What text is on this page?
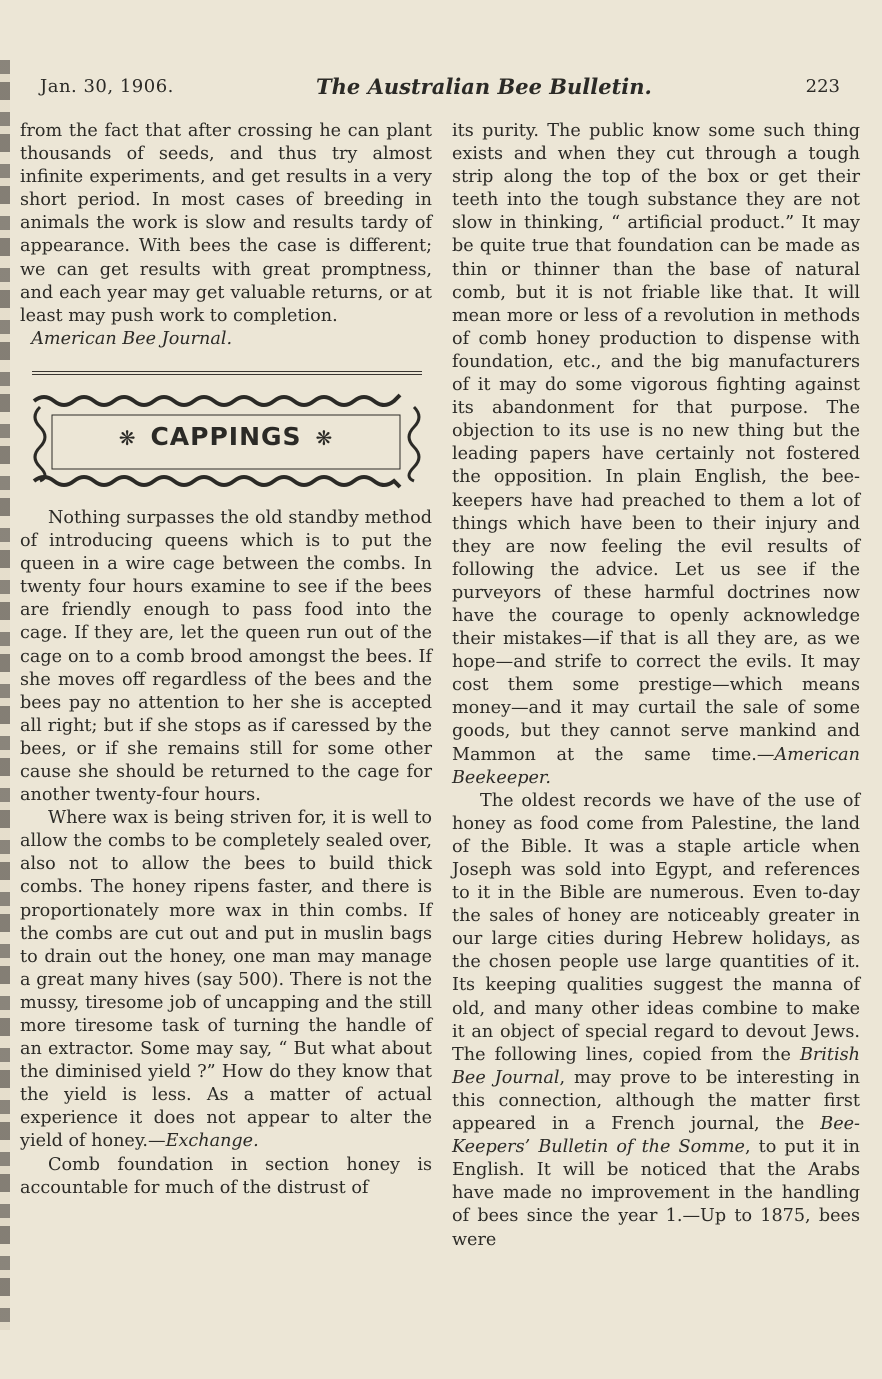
Jan. 30, 1906.	The Australian Bee Bulletin.	223

from the fact that after crossing he can plant thousands of seeds, and thus try almost infinite experiments, and get results in a very short period. In most cases of breeding in animals the work is slow and results tardy of appearance. With bees the case is different; we can get results with great promptness, and each year may get valuable returns, or at least may push work to completion.
American Bee Journal.

❋ CAPPINGS ❋

Nothing surpasses the old standby method of introducing queens which is to put the queen in a wire cage between the combs. In twenty four hours examine to see if the bees are friendly enough to pass food into the cage. If they are, let the queen run out of the cage on to a comb brood amongst the bees. If she moves off regardless of the bees and the bees pay no attention to her she is accepted all right; but if she stops as if caressed by the bees, or if she remains still for some other cause she should be returned to the cage for another twenty-four hours.

Where wax is being striven for, it is well to allow the combs to be completely sealed over, also not to allow the bees to build thick combs. The honey ripens faster, and there is proportionately more wax in thin combs. If the combs are cut out and put in muslin bags to drain out the honey, one man may manage a great many hives (say 500). There is not the mussy, tiresome job of uncapping and the still more tiresome task of turning the handle of an extractor. Some may say, “ But what about the diminised yield ?” How do they know that the yield is less. As a matter of actual experience it does not appear to alter the yield of honey.—Exchange.

Comb foundation in section honey is accountable for much of the distrust of

its purity. The public know some such thing exists and when they cut through a tough strip along the top of the box or get their teeth into the tough substance they are not slow in thinking, “ artificial product.” It may be quite true that foundation can be made as thin or thinner than the base of natural comb, but it is not friable like that. It will mean more or less of a revolution in methods of comb honey production to dispense with foundation, etc., and the big manufacturers of it may do some vigorous fighting against its abandonment for that purpose. The objection to its use is no new thing but the leading papers have certainly not fostered the opposition. In plain English, the bee-keepers have had preached to them a lot of things which have been to their injury and they are now feeling the evil results of following the advice. Let us see if the purveyors of these harmful doctrines now have the courage to openly acknowledge their mistakes—if that is all they are, as we hope—and strife to correct the evils. It may cost them some prestige—which means money—and it may curtail the sale of some goods, but they cannot serve mankind and Mammon at the same time.—American Beekeeper.

The oldest records we have of the use of honey as food come from Palestine, the land of the Bible. It was a staple article when Joseph was sold into Egypt, and references to it in the Bible are numerous. Even to-day the sales of honey are noticeably greater in our large cities during Hebrew holidays, as the chosen people use large quantities of it. Its keeping qualities suggest the manna of old, and many other ideas combine to make it an object of special regard to devout Jews. The following lines, copied from the British Bee Journal, may prove to be interesting in this connection, although the matter first appeared in a French journal, the Bee-Keepers’ Bulletin of the Somme, to put it in English. It will be noticed that the Arabs have made no improvement in the handling of bees since the year 1.—Up to 1875, bees were
